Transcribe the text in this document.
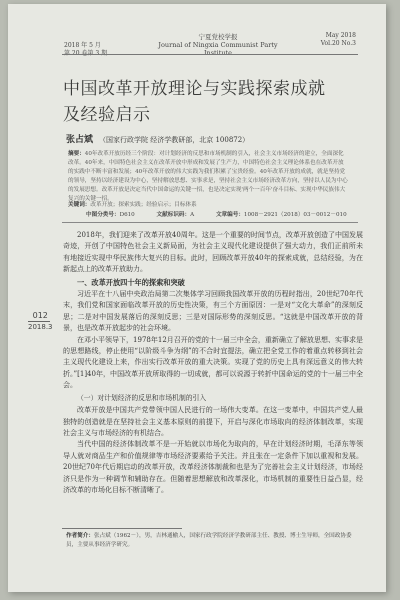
2018 年 5 月
第 20 卷第 3 期
宁夏党校学报
Journal of Ningxia Communist Party Institute
May 2018
Vol.20 No.3
中国改革开放理论与实践探索成就
及经验启示
张占斌 （国家行政学院 经济学教研部，北京 100872）
摘要：40年改革开放历经三个阶段：对计划经济的反思和市场机制的引入，社会主义市场经济的建立，全面深化改革。40年来，中国特色社会主义在改革开放中形成和发展了生产力，中国特色社会主义理论体系也在改革开放的实践中不断丰富和发展；40年改革开放的伟大实践为我们积累了宝贵经验。40年改革开放的成就，就是坚持党的领导，坚持以经济建设为中心，坚持解放思想、实事求是，坚持社会主义市场经济改革方向，坚持以人民为中心的发展思想。改革开放是决定当代中国命运的关键一招，也是决定实现'两个一百年'奋斗目标、实现中华民族伟大复兴的关键一招。
关键词：改革开放；探索实践；经验启示；目标体系
中图分类号：D610	文献标识码：A	文章编号：1008－2921（2018）03－0012－010
012
2018.3

2018年，我们迎来了改革开放40周年。这是一个重要的时间节点，改革开放创造了中国发展奇迹，开创了中国特色社会主义新局面，为社会主义现代化建设提供了强大动力，我们正前所未有地接近实现中华民族伟大复兴的目标。此时，回顾改革开放40年的探索成就，总结经验，为在新起点上的改革开放助力。

一、改革开放四十年的探索和突破

习近平在十八届中央政治局第二次集体学习回顾我国改革开放的历程时指出，20世纪70年代末，我们党和国家面临改革开放的历史性决策，有三个方面原因：一是对“文化大革命”的深刻反思；二是对中国发展落后的深刻反思；三是对国际形势的深刻反思。“这就是中国改革开放的背景，也是改革开放起步的社会环境。

在邓小平领导下，1978年12月召开的党的十一届三中全会，重新确立了解放思想、实事求是的思想路线，停止使用“以阶级斗争为纲”的不合时宜提法，确立把全党工作的着重点转移到社会主义现代化建设上来，作出实行改革开放的重大决策。实现了党的历史上具有深远意义的伟大转折。”[1]40年，中国改革开放所取得的一切成就，都可以说源于转折中国命运的党的十一届三中全会。

（一）对计划经济的反思和市场机制的引入

改革开放是中国共产党带领中国人民进行的一场伟大变革。在这一变革中，中国共产党人最独特的创造就是在坚持社会主义基本原则的前提下，开启与深化市场取向的经济体制改革，实现社会主义与市场经济的有机结合。

当代中国的经济体制改革不是一开始就以市场化为取向的，早在计划经济时期，毛泽东等领导人就对商品生产和价值规律等市场经济要素给予关注。并且张在一定条件下加以重视和发展。20世纪70年代后期启动的改革开放，改革经济体制裁和也是为了完善社会主义计划经济，市场经济只是作为一种调节和辅助存在。但随着思想解放和改革深化，市场机制的重要性日益凸显，经济改革的市场化目标不断清晰了。

作者简介：张占斌（1962－），男，吉林通榆人，国家行政学院经济学教研部主任、教授、博士生导师，全国政协委员，主要从事经济学研究。
